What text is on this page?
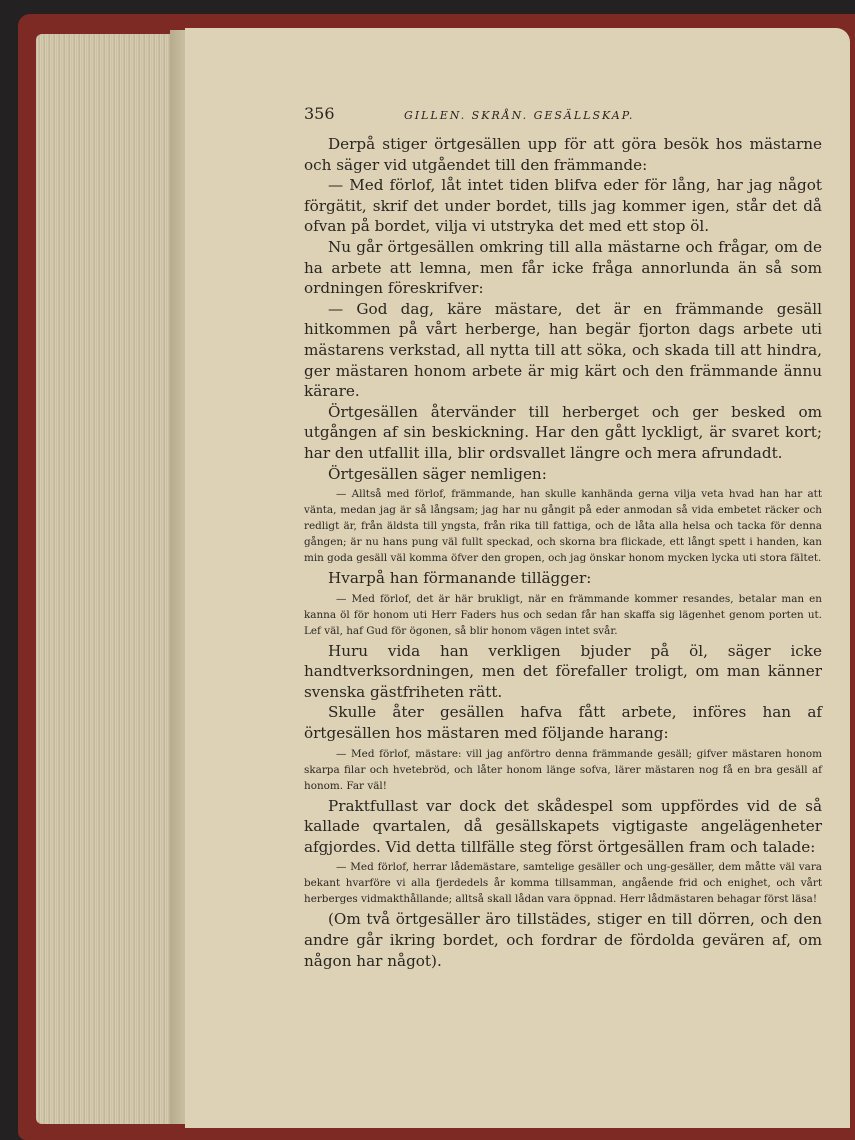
356	GILLEN. SKRÅN. GESÄLLSKAP.

Derpå stiger örtgesällen upp för att göra besök hos mästarne och säger vid utgåendet till den främmande:

— Med förlof, låt intet tiden blifva eder för lång, har jag något förgätit, skrif det under bordet, tills jag kommer igen, står det då ofvan på bordet, vilja vi utstryka det med ett stop öl.

Nu går örtgesällen omkring till alla mästarne och frågar, om de ha arbete att lemna, men får icke fråga annorlunda än så som ordningen föreskrifver:

— God dag, käre mästare, det är en främmande gesäll hitkommen på vårt herberge, han begär fjorton dags arbete uti mästarens verkstad, all nytta till att söka, och skada till att hindra, ger mästaren honom arbete är mig kärt och den främmande ännu kärare.

Örtgesällen återvänder till herberget och ger besked om utgången af sin beskickning. Har den gått lyckligt, är svaret kort; har den utfallit illa, blir ordsvallet längre och mera afrundadt.

Örtgesällen säger nemligen:

— Alltså med förlof, främmande, han skulle kanhända gerna vilja veta hvad han har att vänta, medan jag är så långsam; jag har nu gångit på eder anmodan så vida embetet räcker och redligt är, från äldsta till yngsta, från rika till fattiga, och de låta alla helsa och tacka för denna gången; är nu hans pung väl fullt speckad, och skorna bra flickade, ett långt spett i handen, kan min goda gesäll väl komma öfver den gropen, och jag önskar honom mycken lycka uti stora fältet.

Hvarpå han förmanande tillägger:

— Med förlof, det är här brukligt, när en främmande kommer resandes, betalar man en kanna öl för honom uti Herr Faders hus och sedan får han skaffa sig lägenhet genom porten ut. Lef väl, haf Gud för ögonen, så blir honom vägen intet svår.

Huru vida han verkligen bjuder på öl, säger icke handtverksordningen, men det förefaller troligt, om man känner svenska gästfriheten rätt.

Skulle åter gesällen hafva fått arbete, införes han af örtgesällen hos mästaren med följande harang:

— Med förlof, mästare: vill jag anförtro denna främmande gesäll; gifver mästaren honom skarpa filar och hvetebröd, och låter honom länge sofva, lärer mästaren nog få en bra gesäll af honom. Far väl!

Praktfullast var dock det skådespel som uppfördes vid de så kallade qvartalen, då gesällskapets vigtigaste angelägenheter afgjordes. Vid detta tillfälle steg först örtgesällen fram och talade:

— Med förlof, herrar lådemästare, samtelige gesäller och ung-gesäller, dem måtte väl vara bekant hvarföre vi alla fjerdedels år komma tillsamman, angående frid och enighet, och vårt herberges vidmakthållande; alltså skall lådan vara öppnad. Herr lådmästaren behagar först läsa!

(Om två örtgesäller äro tillstädes, stiger en till dörren, och den andre går ikring bordet, och fordrar de fördolda gevären af, om någon har något).
